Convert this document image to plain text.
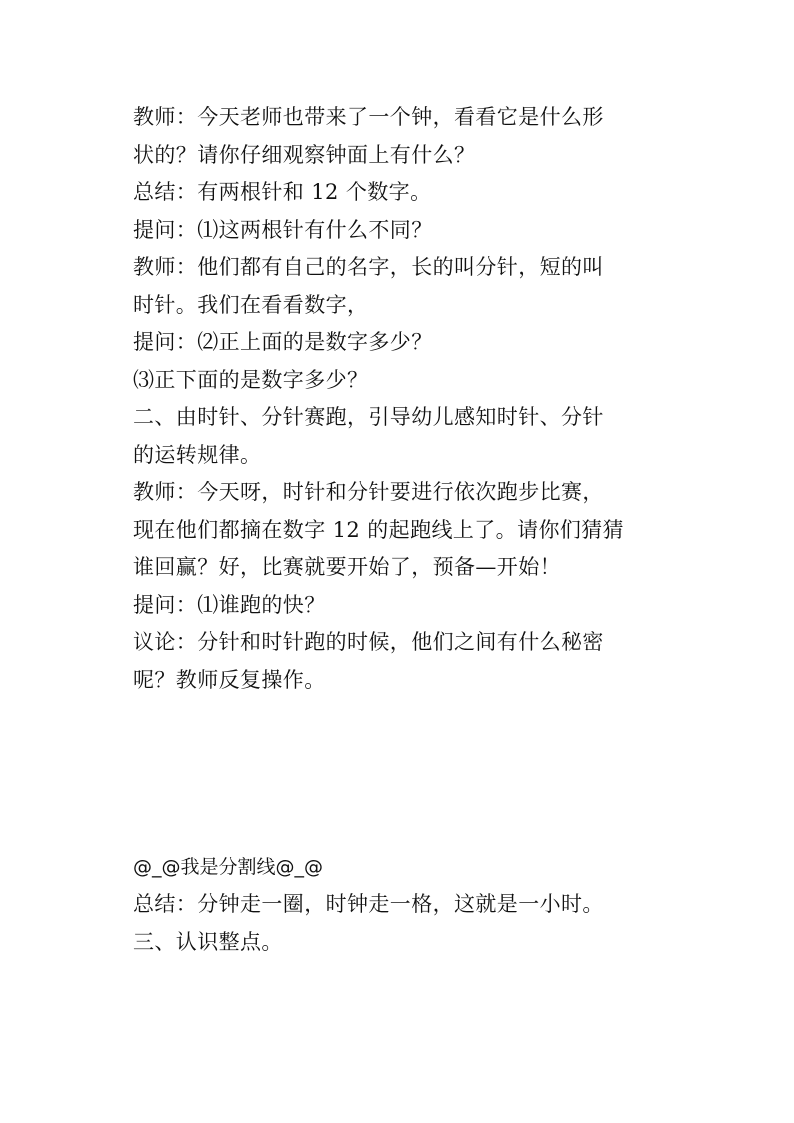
教师：今天老师也带来了一个钟，看看它是什么形
状的？请你仔细观察钟面上有什么？
总结：有两根针和 12 个数字。
提问：⑴这两根针有什么不同？
教师：他们都有自己的名字，长的叫分针，短的叫
时针。我们在看看数字，
提问：⑵正上面的是数字多少？
⑶正下面的是数字多少？
二、由时针、分针赛跑，引导幼儿感知时针、分针
的运转规律。
教师：今天呀，时针和分针要进行依次跑步比赛，
现在他们都摘在数字 12 的起跑线上了。请你们猜猜
谁回赢？好，比赛就要开始了，预备—开始！
提问：⑴谁跑的快？
议论：分针和时针跑的时候，他们之间有什么秘密
呢？教师反复操作。
@_@我是分割线@_@
总结：分钟走一圈，时钟走一格，这就是一小时。
三、认识整点。
